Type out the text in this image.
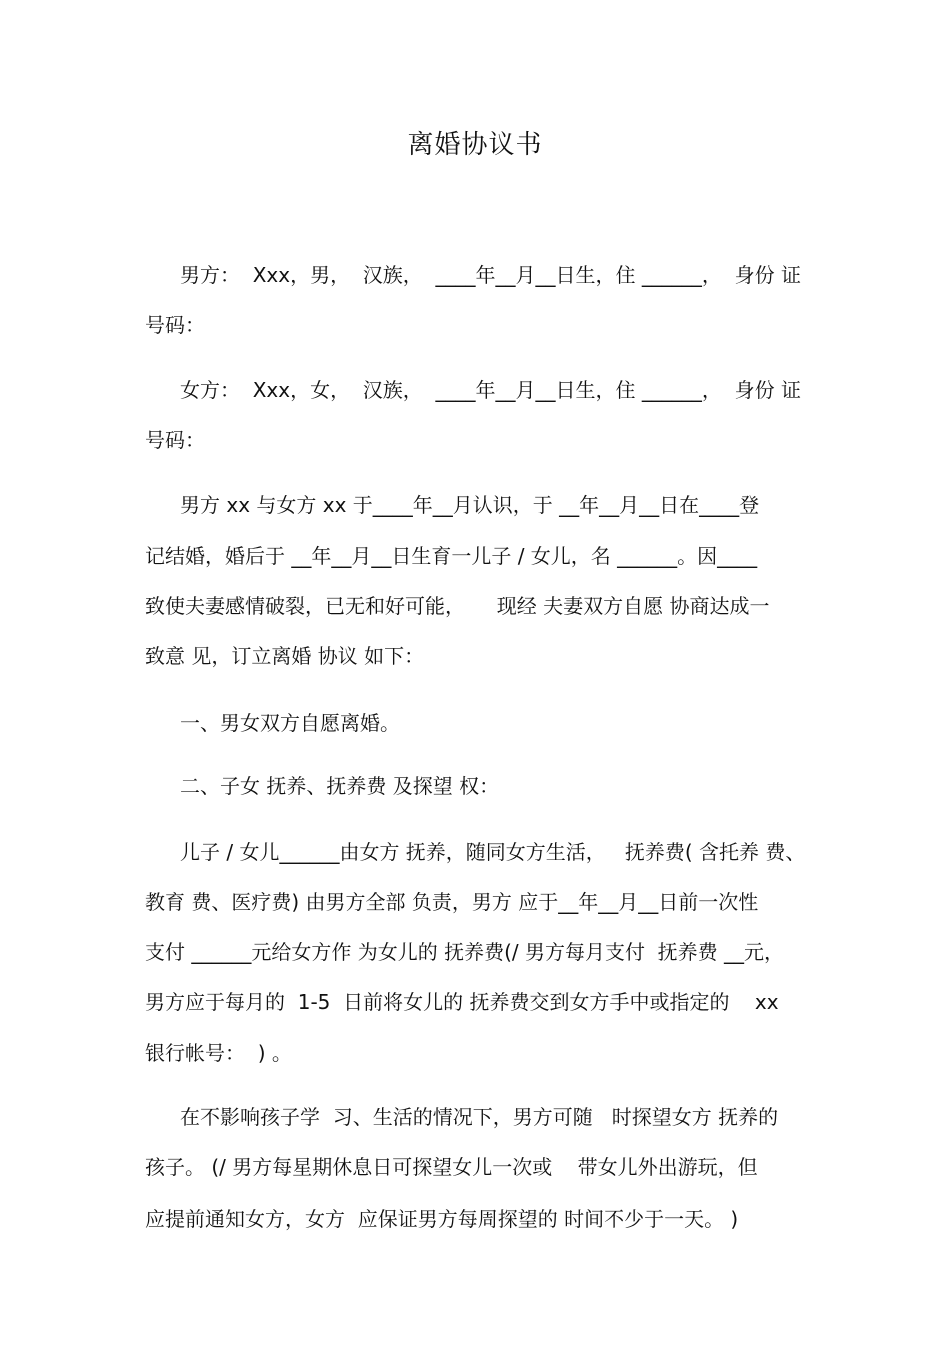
离婚协议书
男方：  Xxx，男，  汉族，  ____年__月__日生，住 ______，  身份 证
号码：
女方：  Xxx，女，  汉族，  ____年__月__日生，住 ______，  身份 证
号码：
男方 xx 与女方 xx 于____年__月认识，于 __年__月__日在____登
记结婚，婚后于 __年__月__日生育一儿子 / 女儿，名 ______。因____
致使夫妻感情破裂，已无和好可能，     现经 夫妻双方自愿 协商达成一
致意 见，订立离婚 协议 如下：
一、男女双方自愿离婚。
二、子女 抚养、抚养费 及探望 权：
儿子 / 女儿______由女方 抚养，随同女方生活，   抚养费( 含托养 费、
教育 费、医疗费) 由男方全部 负责，男方 应于__年__月__日前一次性
支付 ______元给女方作 为女儿的 抚养费(/ 男方每月支付  抚养费 __元，
男方应于每月的  1-5  日前将女儿的 抚养费交到女方手中或指定的    xx
银行帐号：  ) 。
在不影响孩子学  习、生活的情况下，男方可随   时探望女方 抚养的
孩子。 (/ 男方每星期休息日可探望女儿一次或    带女儿外出游玩，但
应提前通知女方，女方  应保证男方每周探望的 时间不少于一天。 )
